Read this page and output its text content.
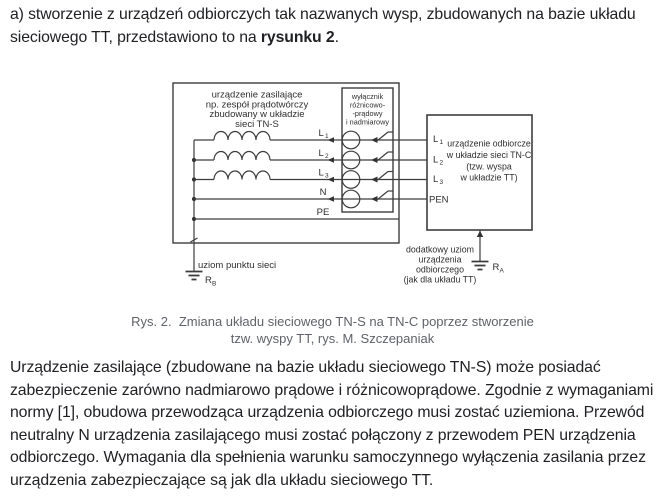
a) stworzenie z urządzeń odbiorczych tak nazwanych wysp, zbudowanych na bazie układu
sieciowego TT, przedstawiono to na rysunku 2.
urządzenie zasilające
np. zespół prądotwórczy
zbudowany w układzie
sieci TN-S
wyłącznik
różnicowo-
-prądowy
i nadmiarowy
urządzenie odbiorcze
w układzie sieci TN-C
(tzw. wyspa
w układzie TT)
L 1
L 2
L 3
N
PE
L 1
L 2
L 3
PEN
uziom punktu sieci
R B
dodatkowy uziom
urządzenia
odbiorczego
(jak dla układu TT)
R A
Rys. 2.  Zmiana układu sieciowego TN-S na TN-C poprzez stworzenie
tzw. wyspy TT, rys. M. Szczepaniak
Urządzenie zasilające (zbudowane na bazie układu sieciowego TN-S) może posiadać
zabezpieczenie zarówno nadmiarowo prądowe i różnicowoprądowe. Zgodnie z wymaganiami
normy [1], obudowa przewodząca urządzenia odbiorczego musi zostać uziemiona. Przewód
neutralny N urządzenia zasilającego musi zostać połączony z przewodem PEN urządzenia
odbiorczego. Wymagania dla spełnienia warunku samoczynnego wyłączenia zasilania przez
urządzenia zabezpieczające są jak dla układu sieciowego TT.
